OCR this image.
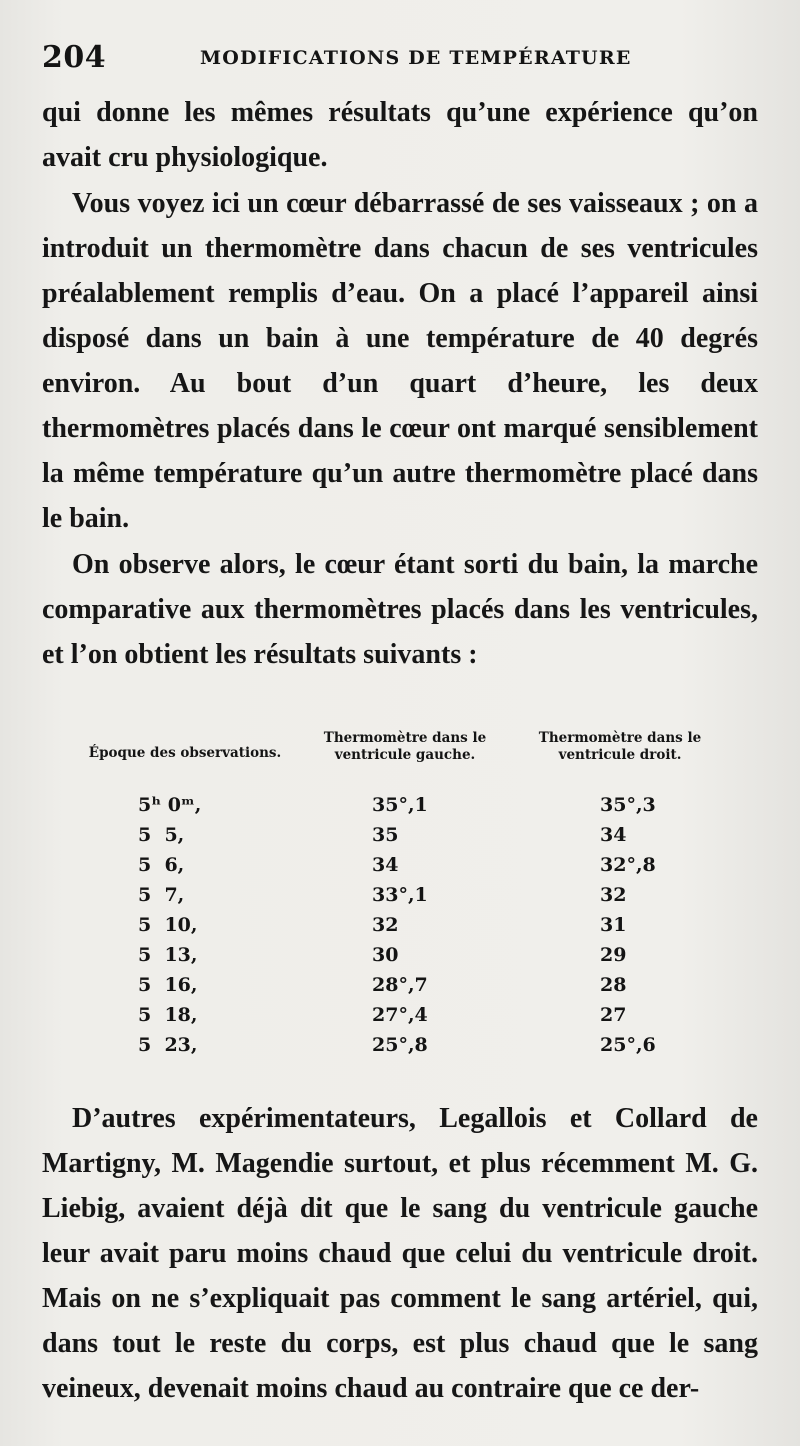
204	MODIFICATIONS DE TEMPÉRATURE

qui donne les mêmes résultats qu’une expérience qu’on avait cru physiologique.

Vous voyez ici un cœur débarrassé de ses vaisseaux ; on a introduit un thermomètre dans chacun de ses ventricules préalablement remplis d’eau. On a placé l’appareil ainsi disposé dans un bain à une température de 40 degrés environ. Au bout d’un quart d’heure, les deux thermomètres placés dans le cœur ont marqué sensiblement la même température qu’un autre thermomètre placé dans le bain.

On observe alors, le cœur étant sorti du bain, la marche comparative aux thermomètres placés dans les ventricules, et l’on obtient les résultats suivants :

Époque des observations.	Thermomètre dans le ventricule gauche.	Thermomètre dans le ventricule droit.
5ʰ 0ᵐ,	35°,1	35°,3
5  5,	35	34
5  6,	34	32°,8
5  7,	33°,1	32
5  10,	32	31
5  13,	30	29
5  16,	28°,7	28
5  18,	27°,4	27
5  23,	25°,8	25°,6

D’autres expérimentateurs, Legallois et Collard de Martigny, M. Magendie surtout, et plus récemment M. G. Liebig, avaient déjà dit que le sang du ventricule gauche leur avait paru moins chaud que celui du ventricule droit. Mais on ne s’expliquait pas comment le sang artériel, qui, dans tout le reste du corps, est plus chaud que le sang veineux, devenait moins chaud au contraire que ce der-
